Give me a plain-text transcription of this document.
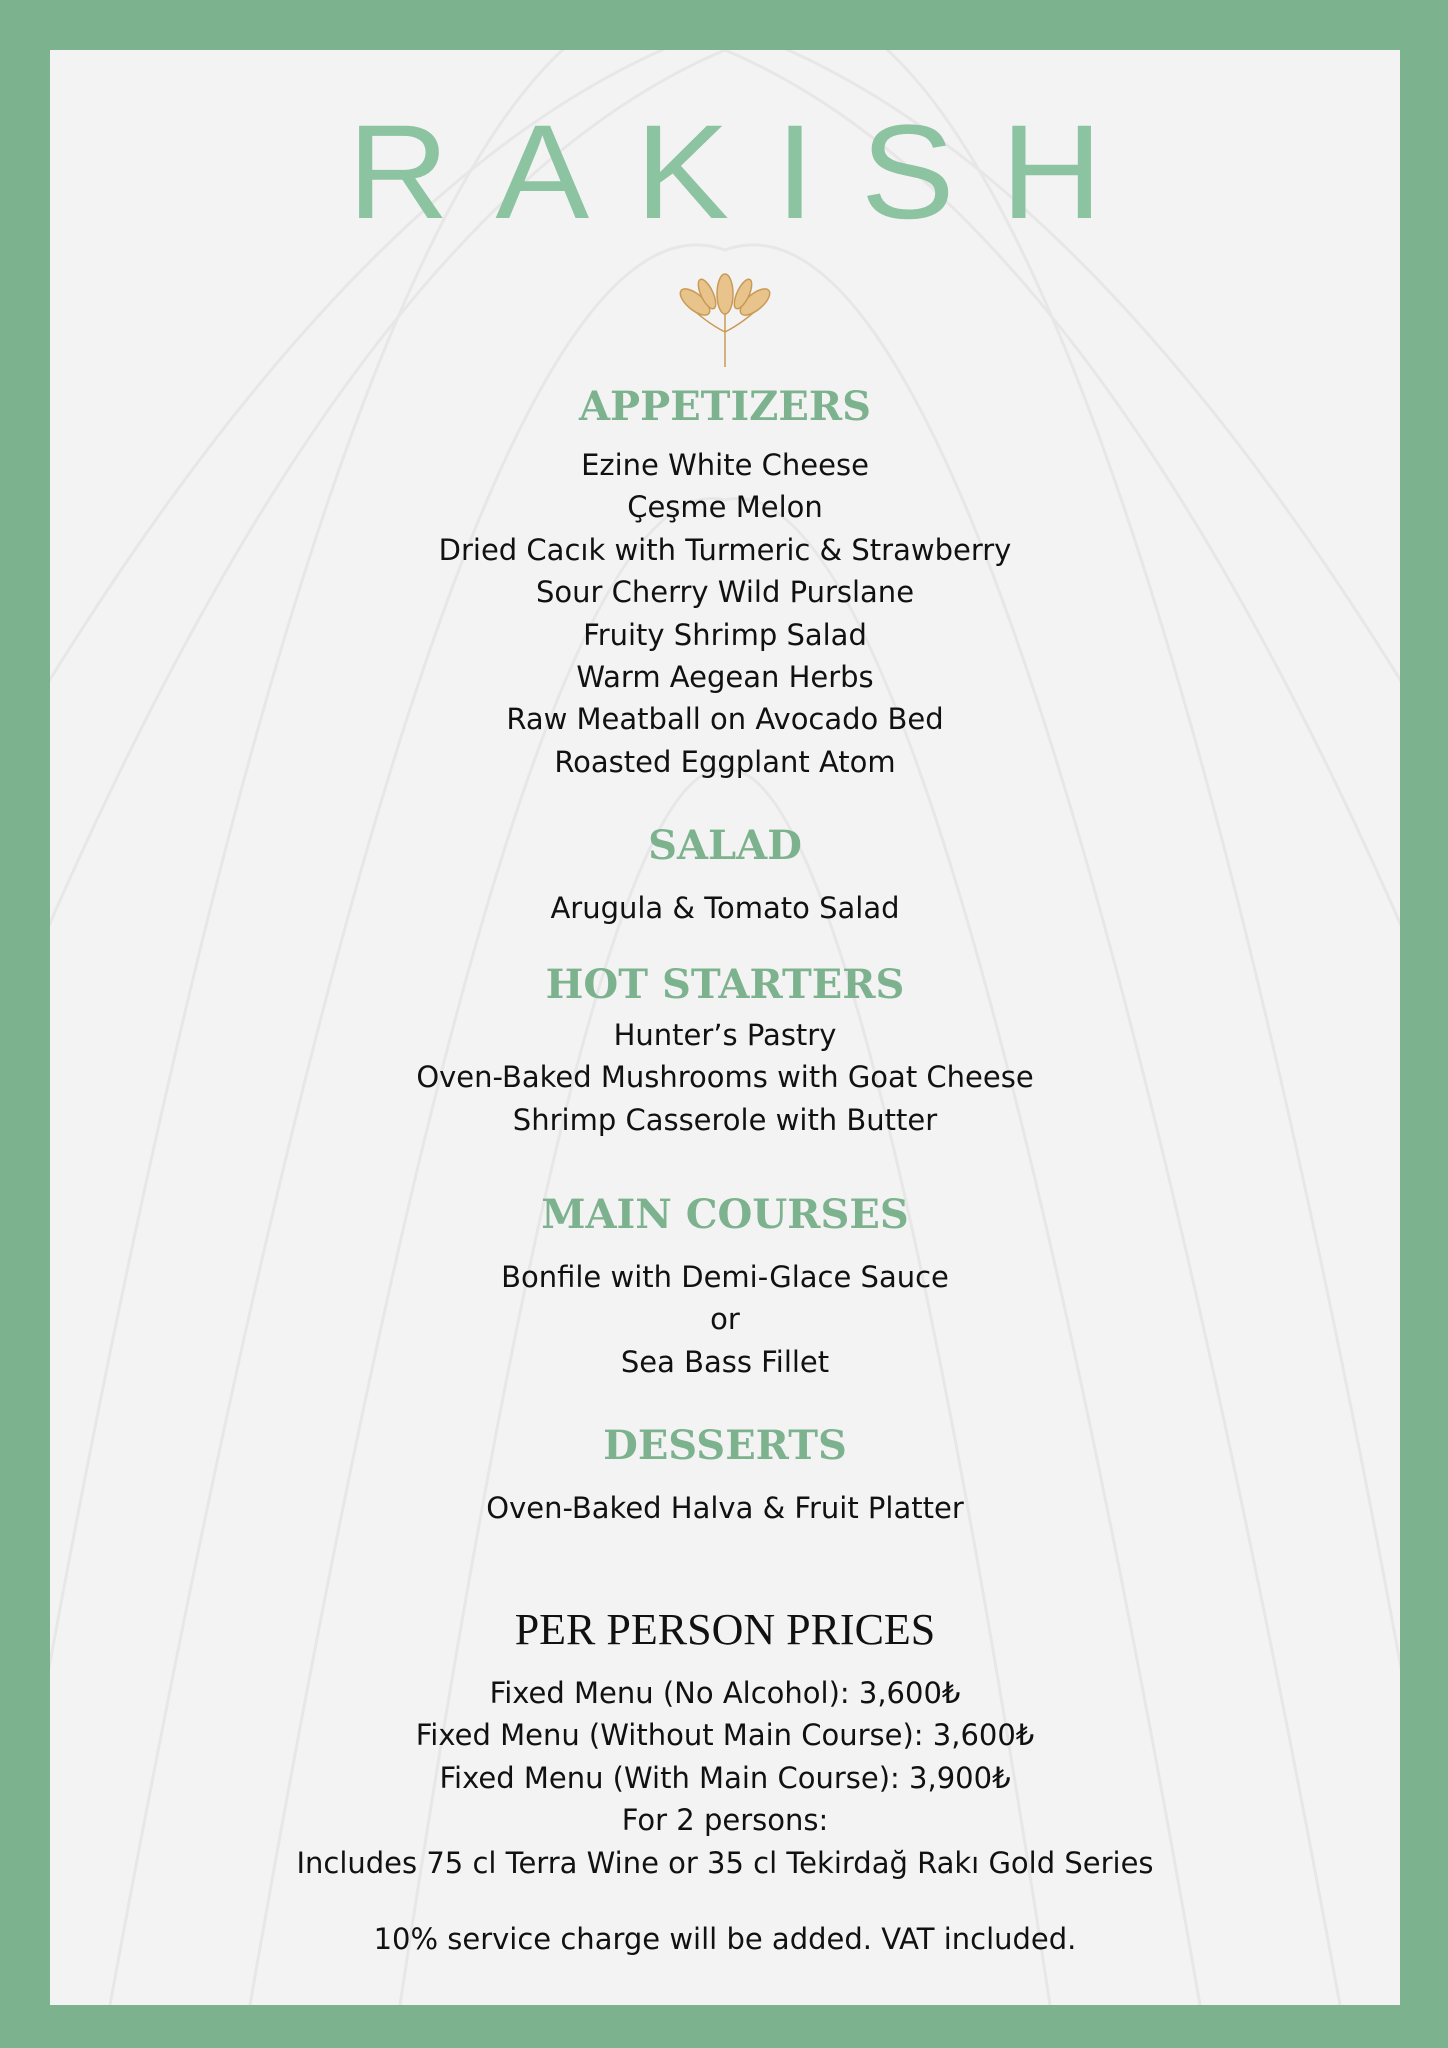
RAKISH
APPETIZERS
Ezine White Cheese
Çeşme Melon
Dried Cacık with Turmeric & Strawberry
Sour Cherry Wild Purslane
Fruity Shrimp Salad
Warm Aegean Herbs
Raw Meatball on Avocado Bed
Roasted Eggplant Atom
SALAD
Arugula & Tomato Salad
HOT STARTERS
Hunter’s Pastry
Oven-Baked Mushrooms with Goat Cheese
Shrimp Casserole with Butter
MAIN COURSES
Bonfile with Demi-Glace Sauce
or
Sea Bass Fillet
DESSERTS
Oven-Baked Halva & Fruit Platter
PER PERSON PRICES
Fixed Menu (No Alcohol): 3,600₺
Fixed Menu (Without Main Course): 3,600₺
Fixed Menu (With Main Course): 3,900₺
For 2 persons:
Includes 75 cl Terra Wine or 35 cl Tekirdağ Rakı Gold Series
10% service charge will be added. VAT included.
